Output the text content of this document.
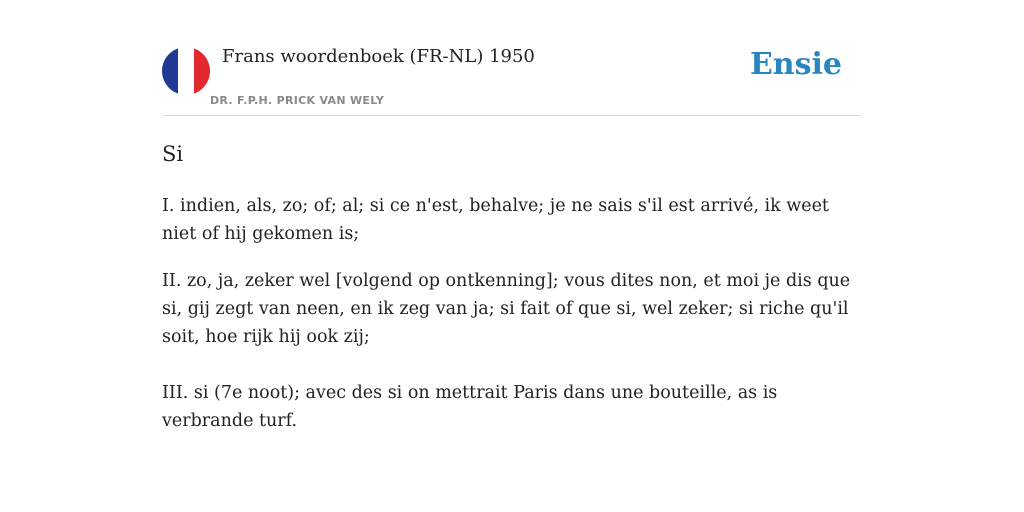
Frans woordenboek (FR-NL) 1950
DR. F.P.H. PRICK VAN WELY
Ensie
Si

I. indien, als, zo; of; al; si ce n'est, behalve; je ne sais s'il est arrivé, ik weet niet of hij gekomen is;

II. zo, ja, zeker wel [volgend op ontkenning]; vous dites non, et moi je dis que si, gij zegt van neen, en ik zeg van ja; si fait of que si, wel zeker; si riche qu'il soit, hoe rijk hij ook zij;

III. si (7e noot); avec des si on mettrait Paris dans une bouteille, as is verbrande turf.
